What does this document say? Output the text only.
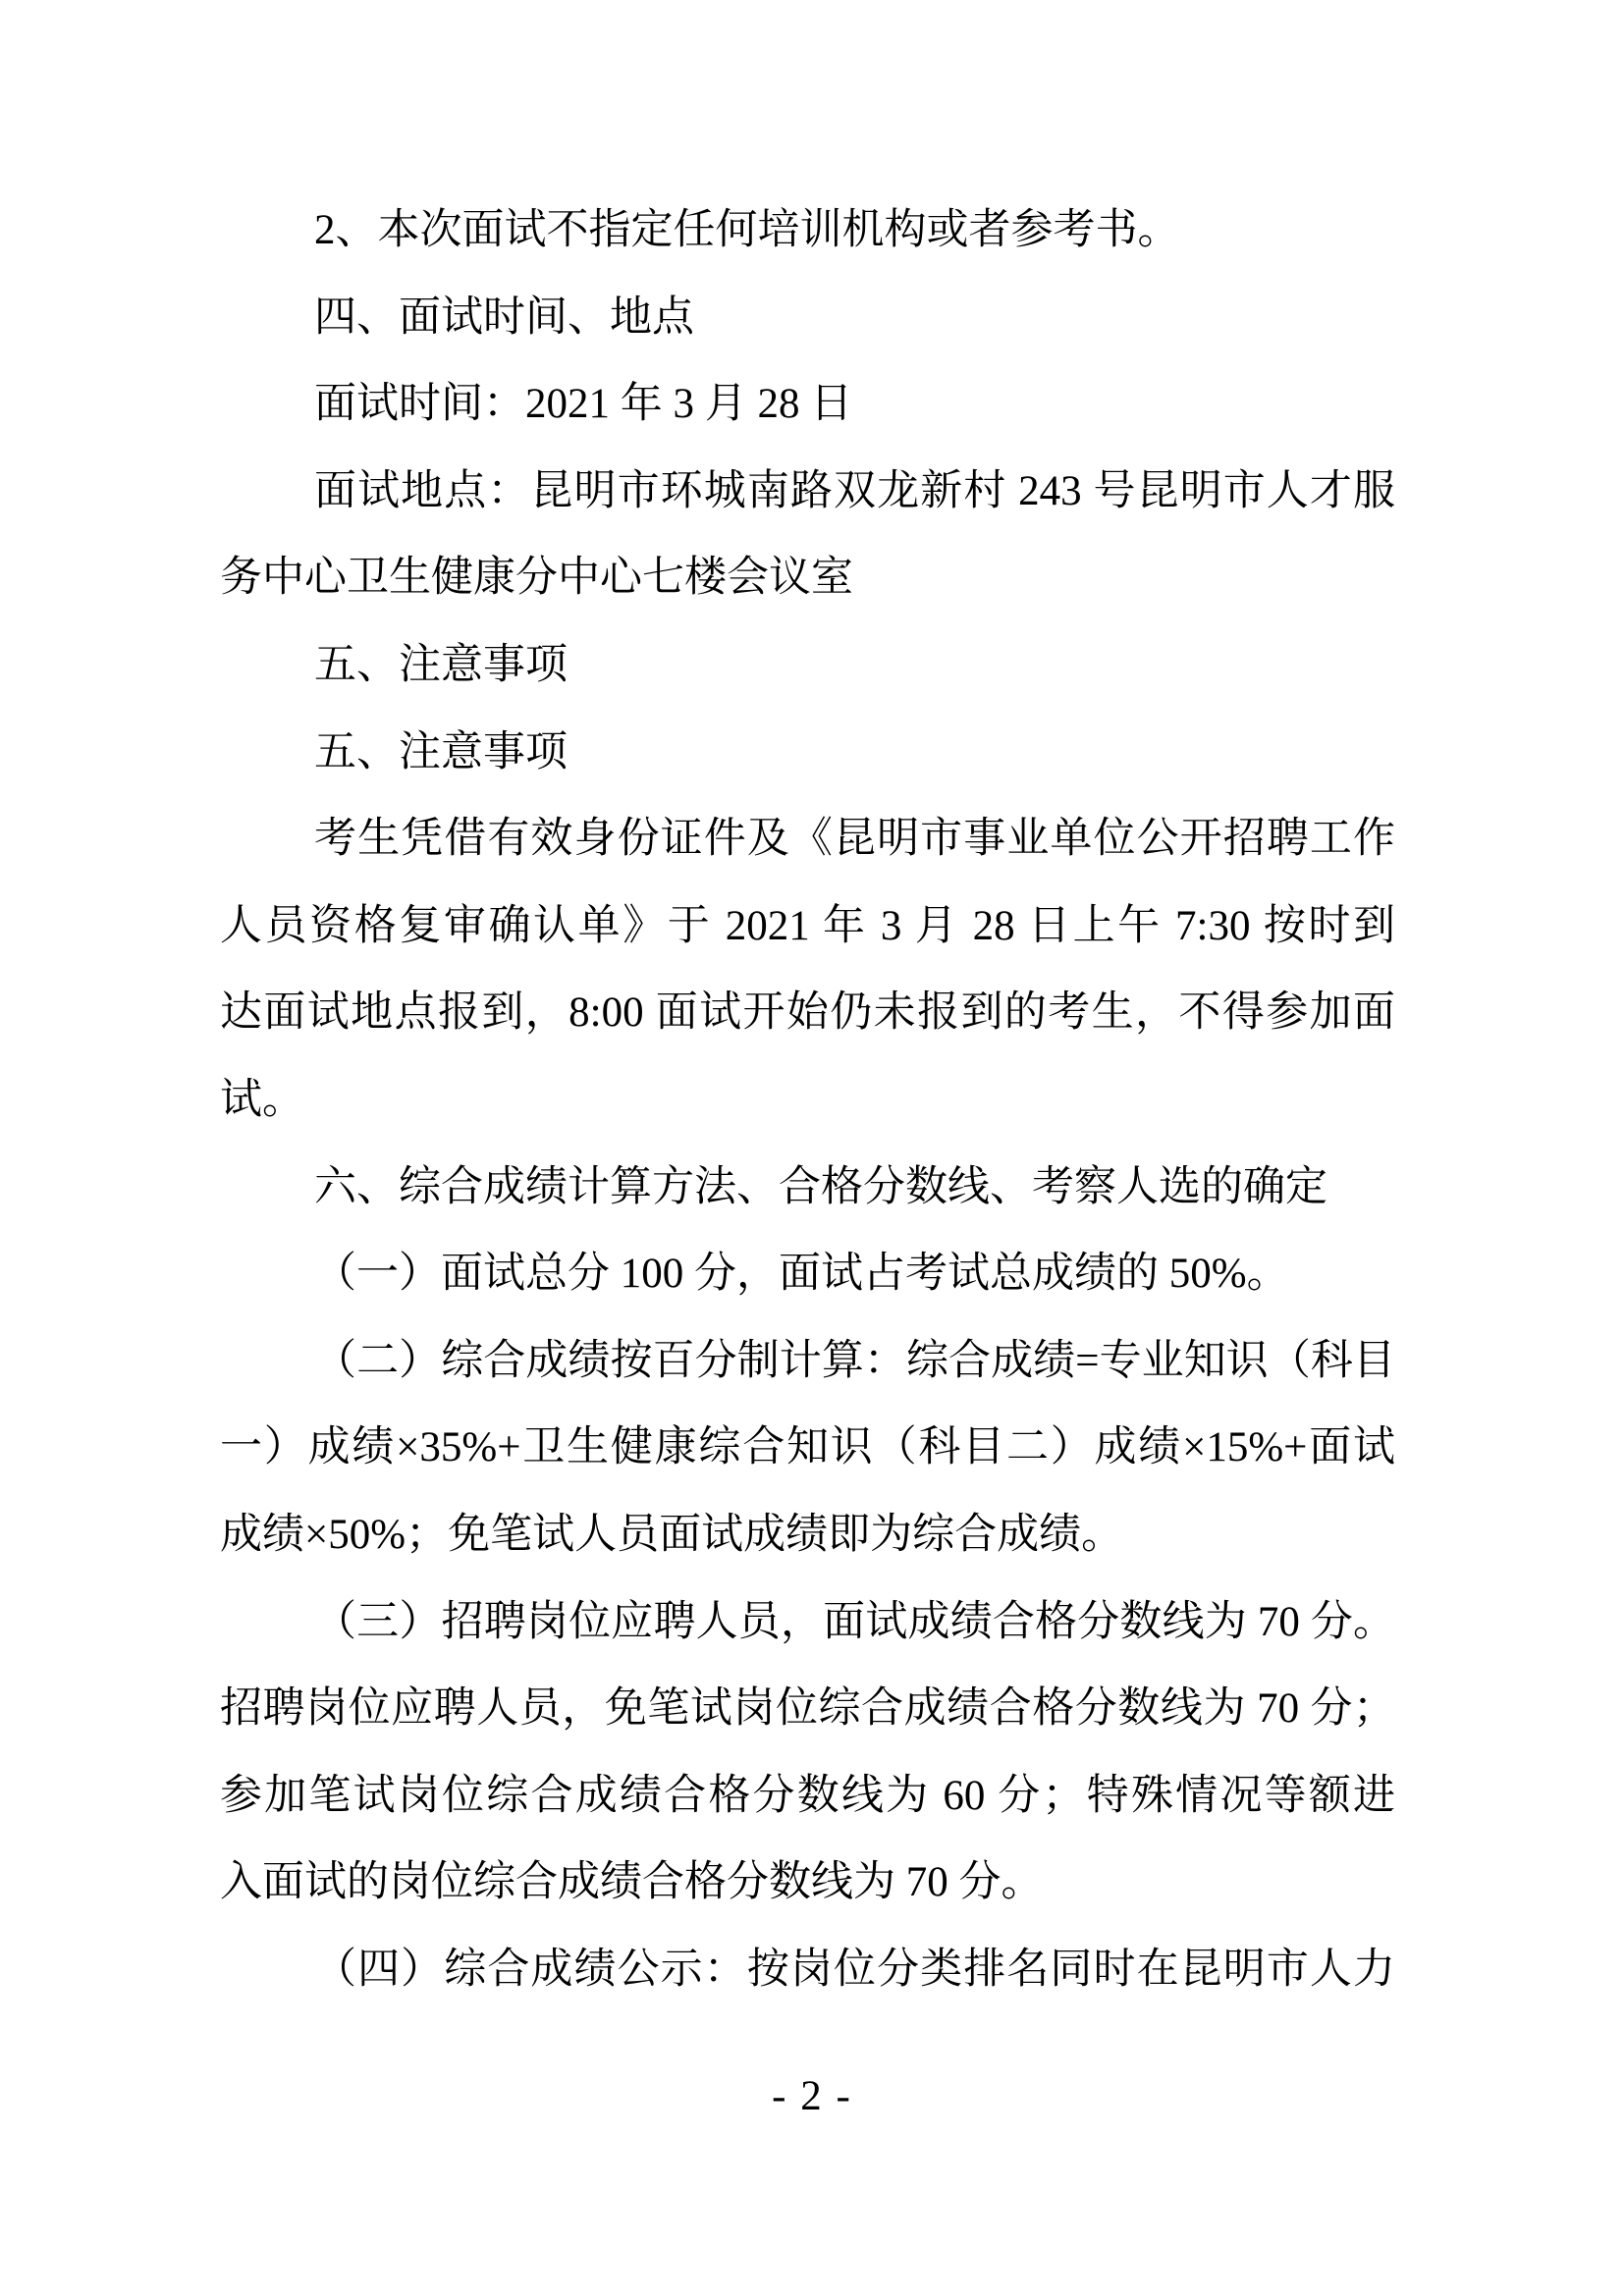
2、本次面试不指定任何培训机构或者参考书。
四、面试时间、地点
面试时间：2021 年 3 月 28 日
面试地点：昆明市环城南路双龙新村 243 号昆明市人才服
务中心卫生健康分中心七楼会议室
五、注意事项
五、注意事项
考生凭借有效身份证件及《昆明市事业单位公开招聘工作
人员资格复审确认单》于 2021 年 3 月 28 日上午 7:30 按时到
达面试地点报到，8:00 面试开始仍未报到的考生，不得参加面
试。
六、综合成绩计算方法、合格分数线、考察人选的确定
（一）面试总分 100 分，面试占考试总成绩的 50%。
（二）综合成绩按百分制计算：综合成绩=专业知识（科目
一）成绩×35%+卫生健康综合知识（科目二）成绩×15%+面试
成绩×50%；免笔试人员面试成绩即为综合成绩。
（三）招聘岗位应聘人员，面试成绩合格分数线为 70 分。
招聘岗位应聘人员，免笔试岗位综合成绩合格分数线为 70 分；
参加笔试岗位综合成绩合格分数线为 60 分；特殊情况等额进
入面试的岗位综合成绩合格分数线为 70 分。
（四）综合成绩公示：按岗位分类排名同时在昆明市人力
- 2 -
